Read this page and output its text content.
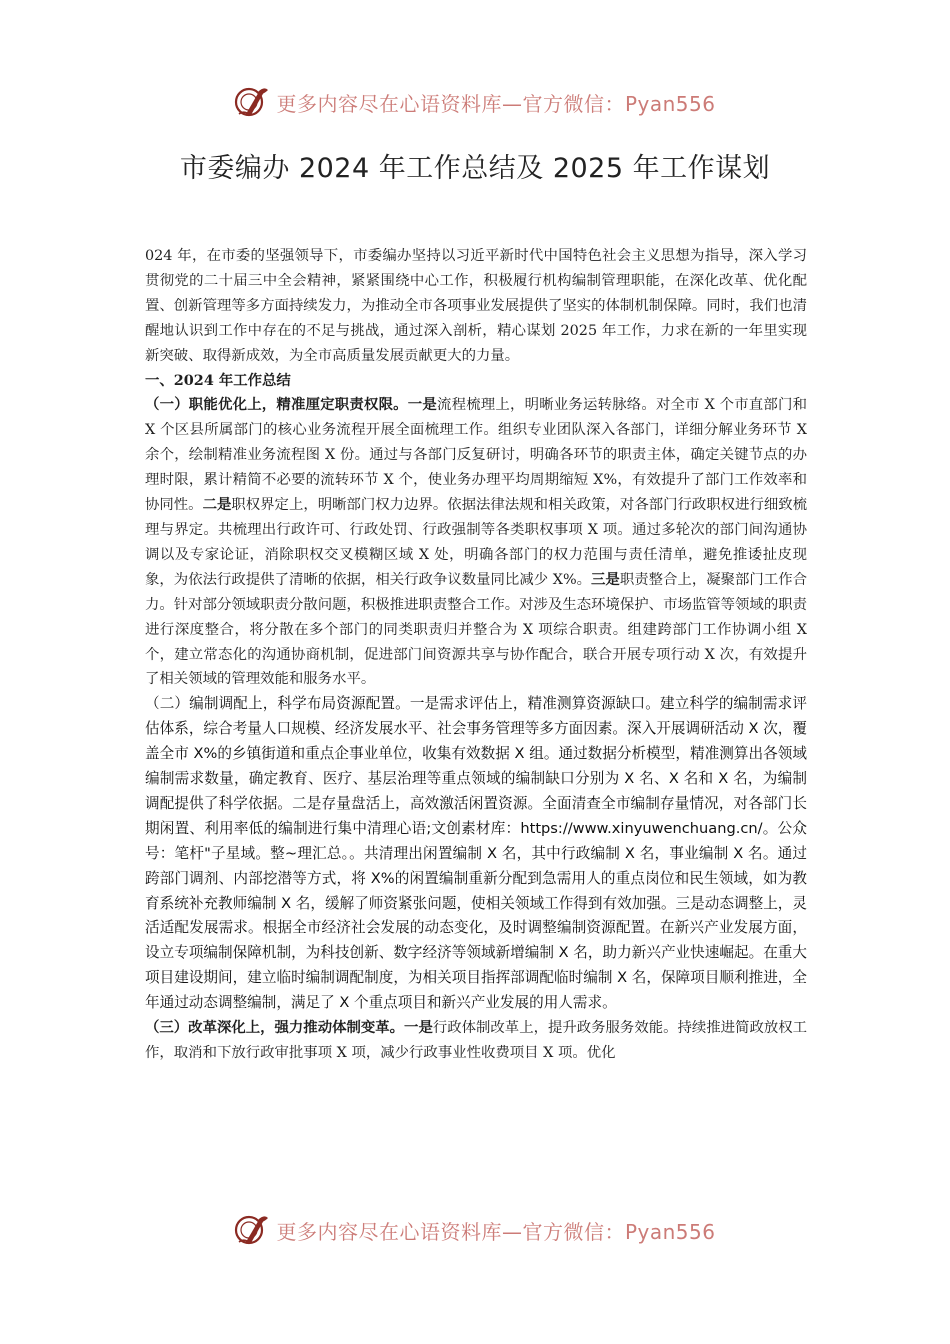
更多内容尽在心语资料库—官方微信：Pyan556
市委编办 2024 年工作总结及 2025 年工作谋划

024 年，在市委的坚强领导下，市委编办坚持以习近平新时代中国特色社会主义思想为指导，深入学习贯彻党的二十届三中全会精神，紧紧围绕中心工作，积极履行机构编制管理职能，在深化改革、优化配置、创新管理等多方面持续发力，为推动全市各项事业发展提供了坚实的体制机制保障。同时，我们也清醒地认识到工作中存在的不足与挑战，通过深入剖析，精心谋划 2025 年工作，力求在新的一年里实现新突破、取得新成效，为全市高质量发展贡献更大的力量。

一、2024 年工作总结

（一）职能优化上，精准厘定职责权限。一是流程梳理上，明晰业务运转脉络。对全市 X 个市直部门和 X 个区县所属部门的核心业务流程开展全面梳理工作。组织专业团队深入各部门，详细分解业务环节 X 余个，绘制精准业务流程图 X 份。通过与各部门反复研讨，明确各环节的职责主体，确定关键节点的办理时限，累计精简不必要的流转环节 X 个，使业务办理平均周期缩短 X%，有效提升了部门工作效率和协同性。二是职权界定上，明晰部门权力边界。依据法律法规和相关政策，对各部门行政职权进行细致梳理与界定。共梳理出行政许可、行政处罚、行政强制等各类职权事项 X 项。通过多轮次的部门间沟通协调以及专家论证，消除职权交叉模糊区域 X 处，明确各部门的权力范围与责任清单，避免推诿扯皮现象，为依法行政提供了清晰的依据，相关行政争议数量同比减少 X%。三是职责整合上，凝聚部门工作合力。针对部分领域职责分散问题，积极推进职责整合工作。对涉及生态环境保护、市场监管等领域的职责进行深度整合，将分散在多个部门的同类职责归并整合为 X 项综合职责。组建跨部门工作协调小组 X 个，建立常态化的沟通协商机制，促进部门间资源共享与协作配合，联合开展专项行动 X 次，有效提升了相关领域的管理效能和服务水平。

（二）编制调配上，科学布局资源配置。一是需求评估上，精准测算资源缺口。建立科学的编制需求评估体系，综合考量人口规模、经济发展水平、社会事务管理等多方面因素。深入开展调研活动 X 次，覆盖全市 X%的乡镇街道和重点企事业单位，收集有效数据 X 组。通过数据分析模型，精准测算出各领域编制需求数量，确定教育、医疗、基层治理等重点领域的编制缺口分别为 X 名、X 名和 X 名，为编制调配提供了科学依据。二是存量盘活上，高效激活闲置资源。全面清查全市编制存量情况，对各部门长期闲置、利用率低的编制进行集中清理心语;文创素材库：https://www.xinyuwenchuang.cn/。公众号：笔杆"子星域。整~理汇总。。共清理出闲置编制 X 名，其中行政编制 X 名，事业编制 X 名。通过跨部门调剂、内部挖潜等方式，将 X%的闲置编制重新分配到急需用人的重点岗位和民生领域，如为教育系统补充教师编制 X 名，缓解了师资紧张问题，使相关领域工作得到有效加强。三是动态调整上，灵活适配发展需求。根据全市经济社会发展的动态变化，及时调整编制资源配置。在新兴产业发展方面，设立专项编制保障机制，为科技创新、数字经济等领域新增编制 X 名，助力新兴产业快速崛起。在重大项目建设期间，建立临时编制调配制度，为相关项目指挥部调配临时编制 X 名，保障项目顺利推进，全年通过动态调整编制，满足了 X 个重点项目和新兴产业发展的用人需求。

（三）改革深化上，强力推动体制变革。一是行政体制改革上，提升政务服务效能。持续推进简政放权工作，取消和下放行政审批事项 X 项，减少行政事业性收费项目 X 项。优化

更多内容尽在心语资料库—官方微信：Pyan556
